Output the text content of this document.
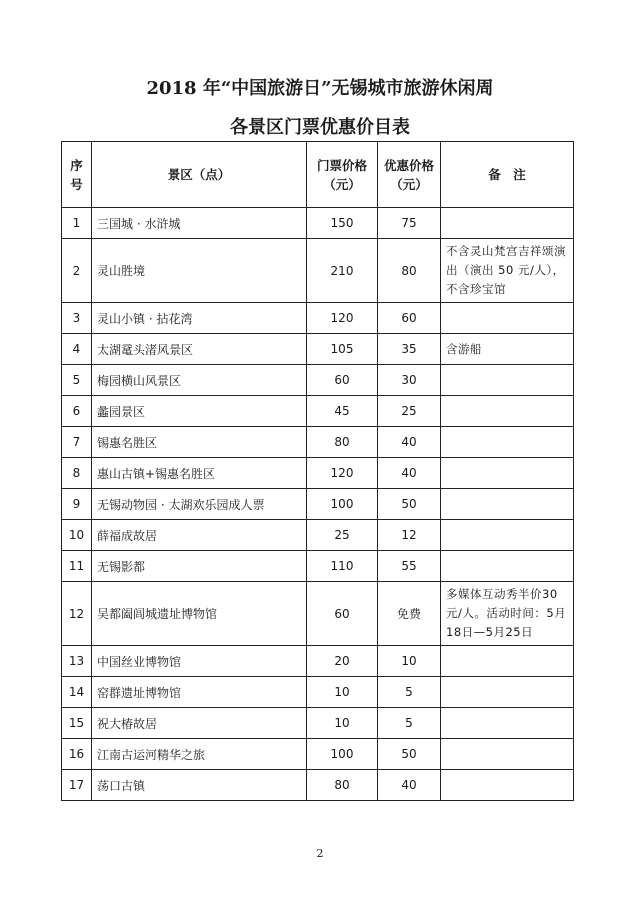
2018 年“中国旅游日”无锡城市旅游休闲周
各景区门票优惠价目表
序号	景区（点）	门票价格（元）	优惠价格（元）	备　注
1	三国城 · 水浒城	150	75	
2	灵山胜境	210	80	不含灵山梵宫吉祥颂演出（演出 50 元/人），不含珍宝馆
3	灵山小镇 · 拈花湾	120	60	
4	太湖鼋头渚风景区	105	35	含游船
5	梅园横山风景区	60	30	
6	蠡园景区	45	25	
7	锡惠名胜区	80	40	
8	惠山古镇+锡惠名胜区	120	40	
9	无锡动物园 · 太湖欢乐园成人票	100	50	
10	薛福成故居	25	12	
11	无锡影都	110	55	
12	吴都阖闾城遗址博物馆	60	免费	多媒体互动秀半价30元/人。活动时间：5月18日—5月25日
13	中国丝业博物馆	20	10	
14	窑群遗址博物馆	10	5	
15	祝大椿故居	10	5	
16	江南古运河精华之旅	100	50	
17	荡口古镇	80	40	
2
